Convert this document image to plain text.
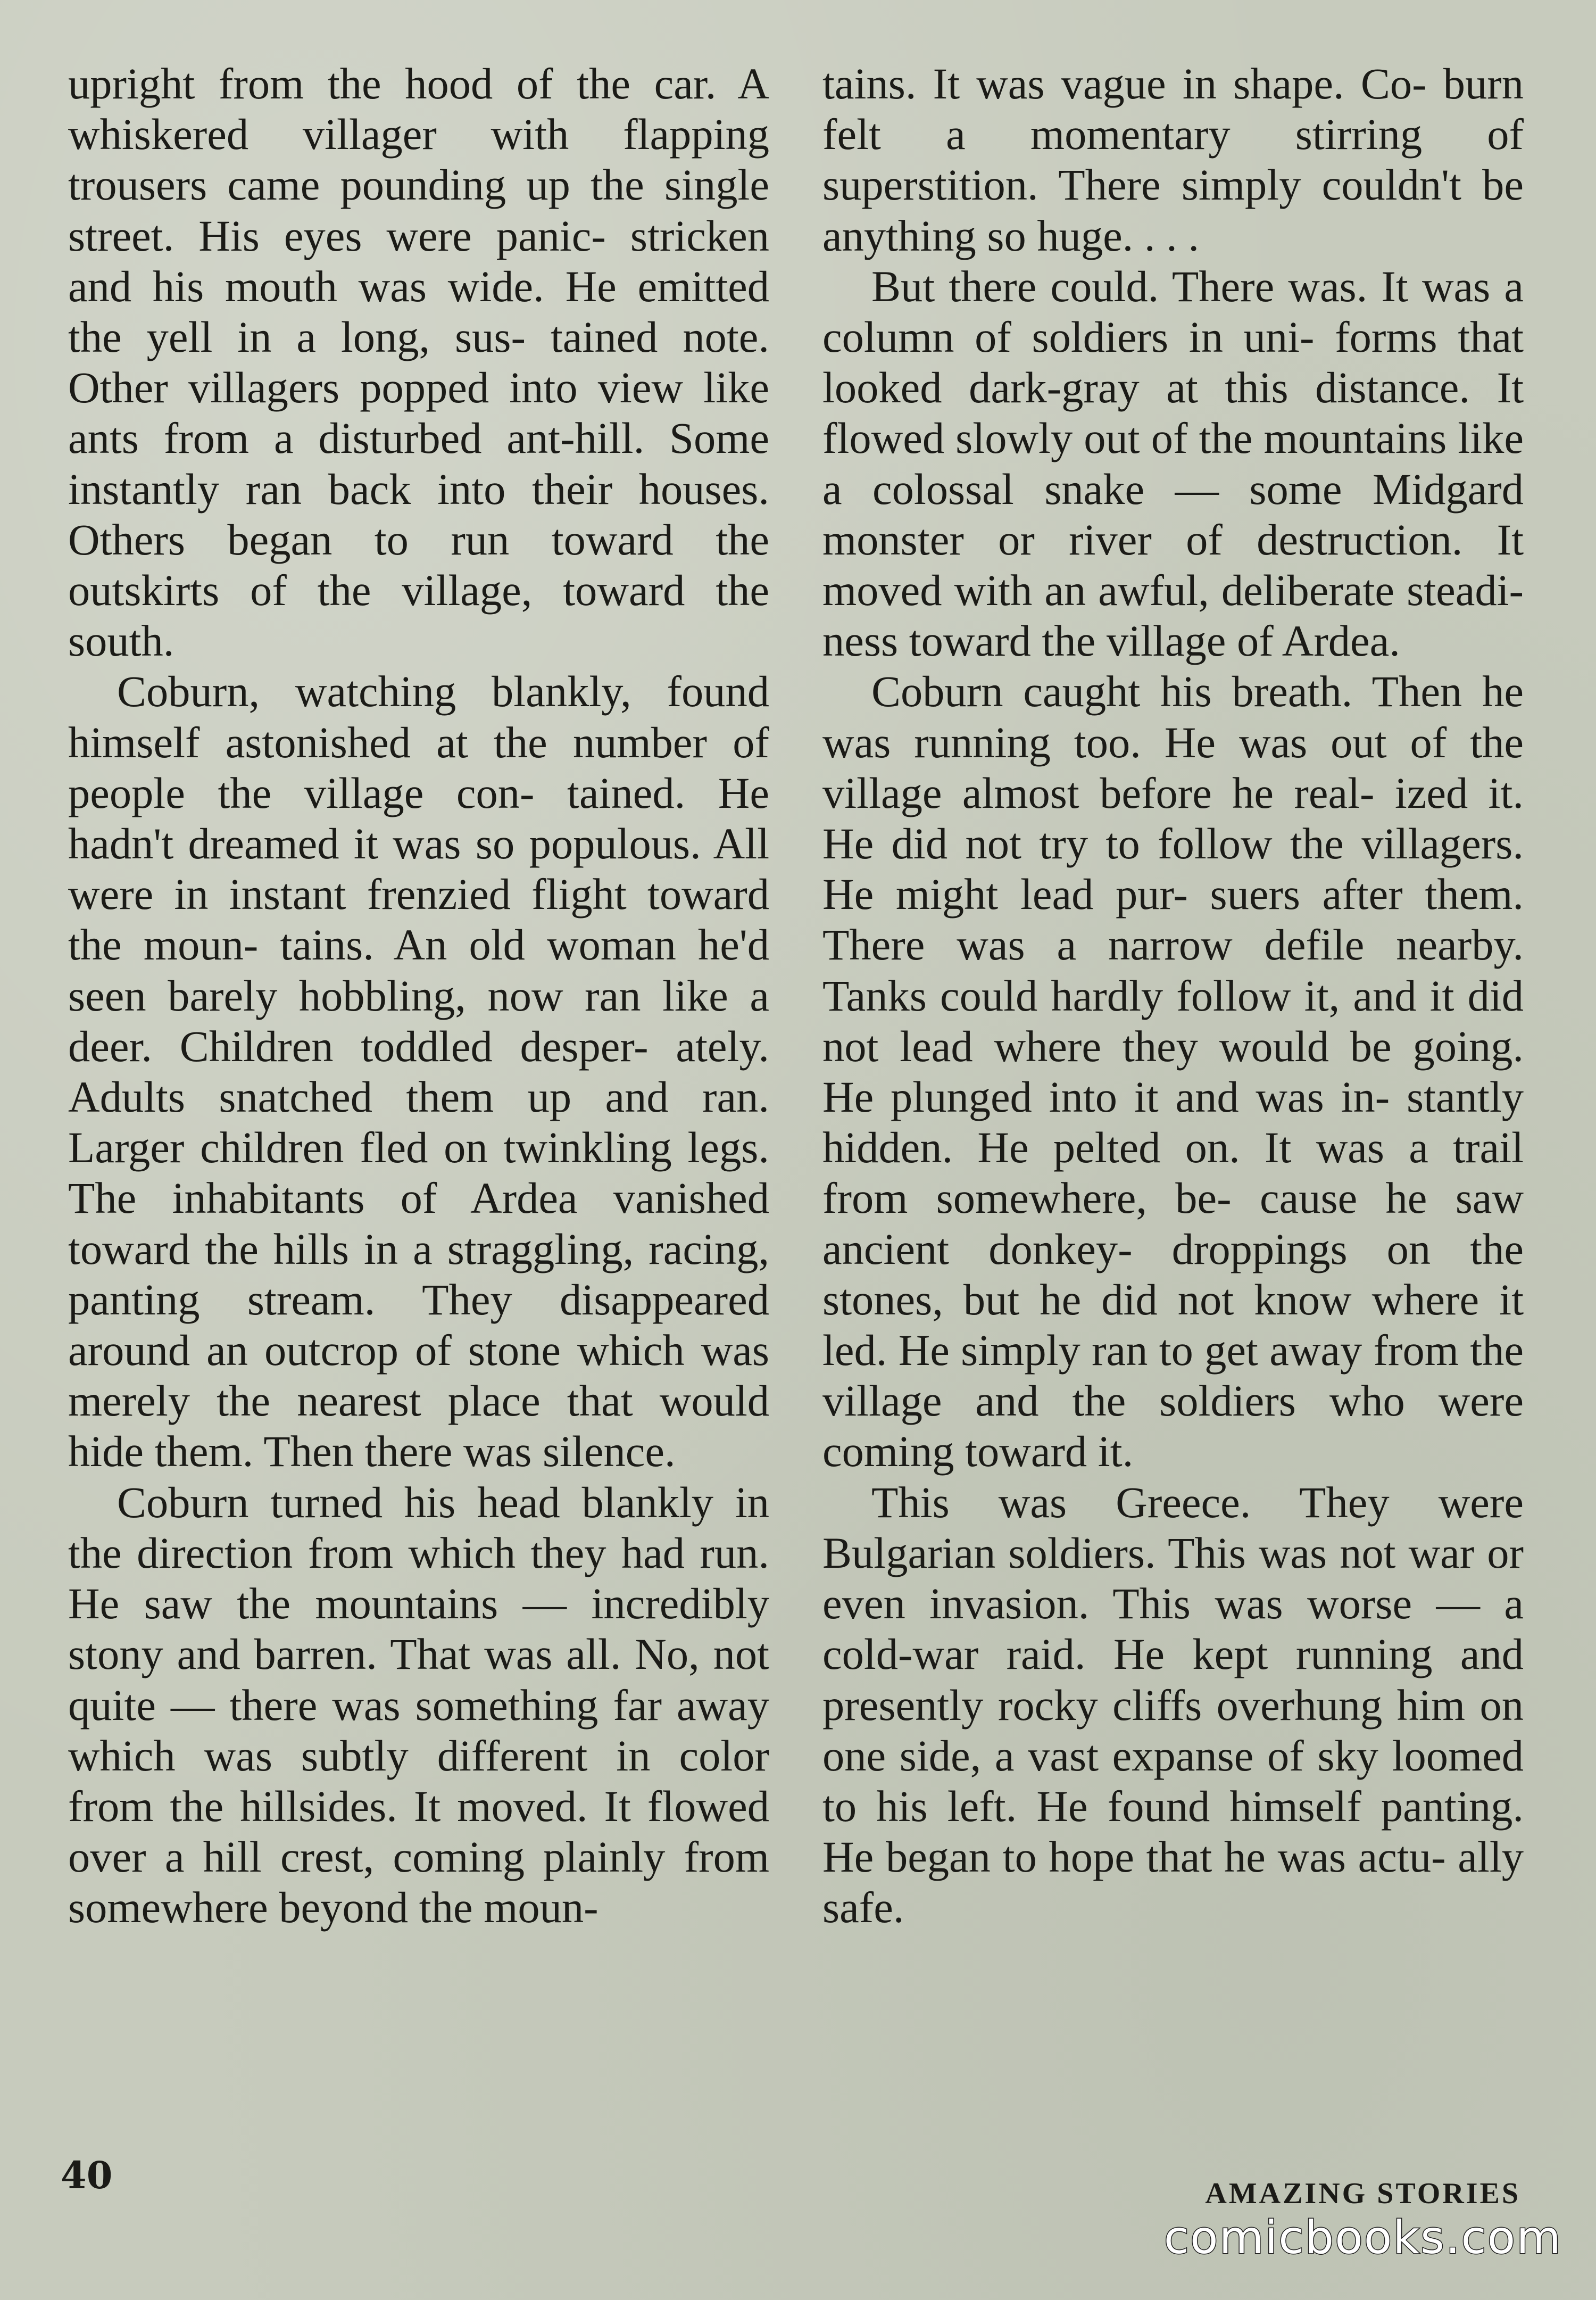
upright from the hood of the car. A whiskered villager with flapping trousers came pounding up the single street. His eyes were panic- stricken and his mouth was wide. He emitted the yell in a long, sus- tained note. Other villagers popped into view like ants from a disturbed ant-hill. Some instantly ran back into their houses. Others began to run toward the outskirts of the village, toward the south.

Coburn, watching blankly, found himself astonished at the number of people the village con- tained. He hadn't dreamed it was so populous. All were in instant frenzied flight toward the moun- tains. An old woman he'd seen barely hobbling, now ran like a deer. Children toddled desper- ately. Adults snatched them up and ran. Larger children fled on twinkling legs. The inhabitants of Ardea vanished toward the hills in a straggling, racing, panting stream. They disappeared around an outcrop of stone which was merely the nearest place that would hide them. Then there was silence.

Coburn turned his head blankly in the direction from which they had run. He saw the mountains — incredibly stony and barren. That was all. No, not quite — there was something far away which was subtly different in color from the hillsides. It moved. It flowed over a hill crest, coming plainly from somewhere beyond the moun-

tains. It was vague in shape. Co- burn felt a momentary stirring of superstition. There simply couldn't be anything so huge. . . .

But there could. There was. It was a column of soldiers in uni- forms that looked dark-gray at this distance. It flowed slowly out of the mountains like a colossal snake — some Midgard monster or river of destruction. It moved with an awful, deliberate steadi- ness toward the village of Ardea.

Coburn caught his breath. Then he was running too. He was out of the village almost before he real- ized it. He did not try to follow the villagers. He might lead pur- suers after them. There was a narrow defile nearby. Tanks could hardly follow it, and it did not lead where they would be going. He plunged into it and was in- stantly hidden. He pelted on. It was a trail from somewhere, be- cause he saw ancient donkey- droppings on the stones, but he did not know where it led. He simply ran to get away from the village and the soldiers who were coming toward it.

This was Greece. They were Bulgarian soldiers. This was not war or even invasion. This was worse — a cold-war raid. He kept running and presently rocky cliffs overhung him on one side, a vast expanse of sky loomed to his left. He found himself panting. He began to hope that he was actu- ally safe.

40	AMAZING STORIES
comicbooks.com
